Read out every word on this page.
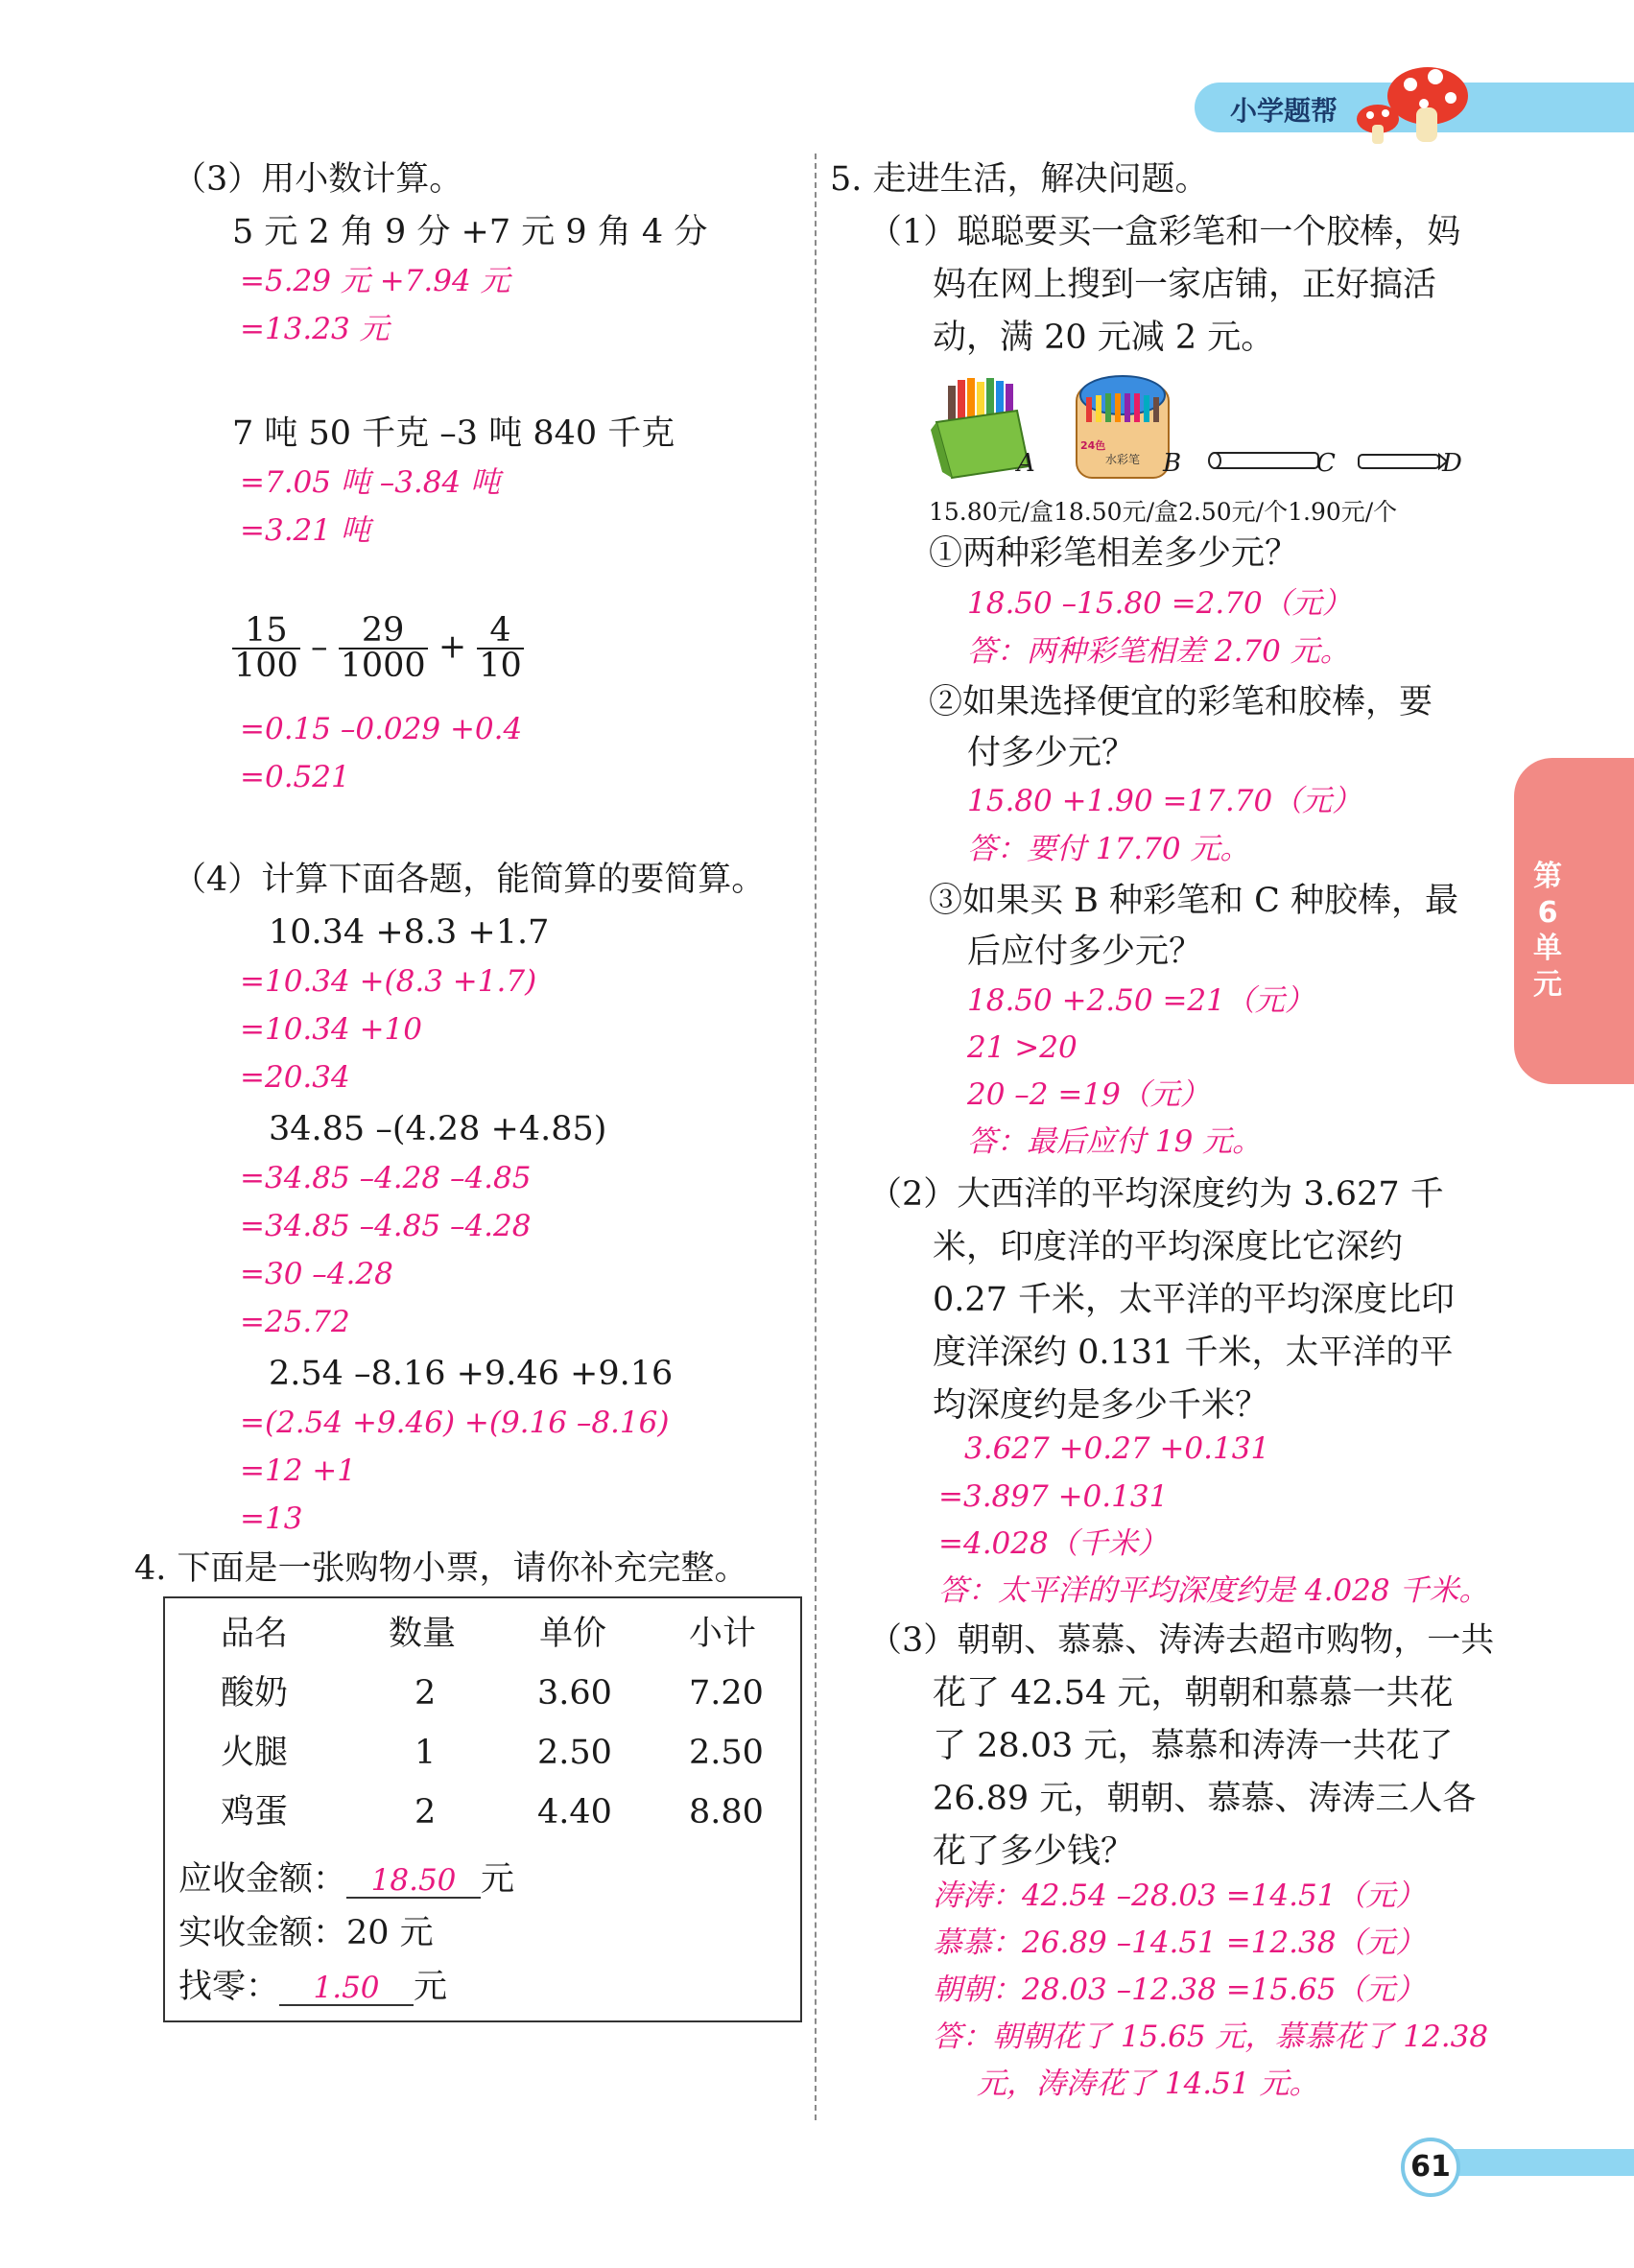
小学题帮
第6单元
（3）用小数计算。
5 元 2 角 9 分 +7 元 9 角 4 分
=5.29 元 +7.94 元
=13.23 元
7 吨 50 千克 –3 吨 840 千克
=7.05 吨 –3.84 吨
=3.21 吨
$\frac{15}{100} - \frac{29}{1000} + \frac{4}{10}$
=0.15 –0.029 +0.4
=0.521
（4）计算下面各题，能简算的要简算。
10.34 +8.3 +1.7
=10.34 +(8.3 +1.7)
=10.34 +10
=20.34
34.85 –(4.28 +4.85)
=34.85 –4.28 –4.85
=34.85 –4.85 –4.28
=30 –4.28
=25.72
2.54 –8.16 +9.46 +9.16
=(2.54 +9.46) +(9.16 –8.16)
=12 +1
=13
4. 下面是一张购物小票，请你补充完整。
品名	数量 单价 小计
酸奶	2	3.60 7.20
火腿	1	2.50 2.50
鸡蛋	2	4.40 8.80
应收金额： 18.50 元
实收金额：20 元
找零： 1.50 元
5. 走进生活，解决问题。
（1）聪聪要买一盒彩笔和一个胶棒，妈
妈在网上搜到一家店铺，正好搞活
动，满 20 元减 2 元。
A
24色
水彩笔 B	C	D
15.80元/盒18.50元/盒2.50元/个1.90元/个
①两种彩笔相差多少元？
18.50 –15.80 =2.70（元）
答：两种彩笔相差 2.70 元。
②如果选择便宜的彩笔和胶棒，要
付多少元？
15.80 +1.90 =17.70（元）
答：要付 17.70 元。
③如果买 B 种彩笔和 C 种胶棒，最
后应付多少元？
18.50 +2.50 =21（元）
21 >20
20 –2 =19（元）
答：最后应付 19 元。
（2）大西洋的平均深度约为 3.627 千
米，印度洋的平均深度比它深约
0.27 千米，太平洋的平均深度比印
度洋深约 0.131 千米，太平洋的平
均深度约是多少千米？
3.627 +0.27 +0.131
=3.897 +0.131
=4.028（千米）
答：太平洋的平均深度约是 4.028 千米。
（3）朝朝、慕慕、涛涛去超市购物，一共
花了 42.54 元，朝朝和慕慕一共花
了 28.03 元，慕慕和涛涛一共花了
26.89 元，朝朝、慕慕、涛涛三人各
花了多少钱？
涛涛：42.54 –28.03 =14.51（元）
慕慕：26.89 –14.51 =12.38（元）
朝朝：28.03 –12.38 =15.65（元）
答：朝朝花了 15.65 元，慕慕花了 12.38
元，涛涛花了 14.51 元。
61
